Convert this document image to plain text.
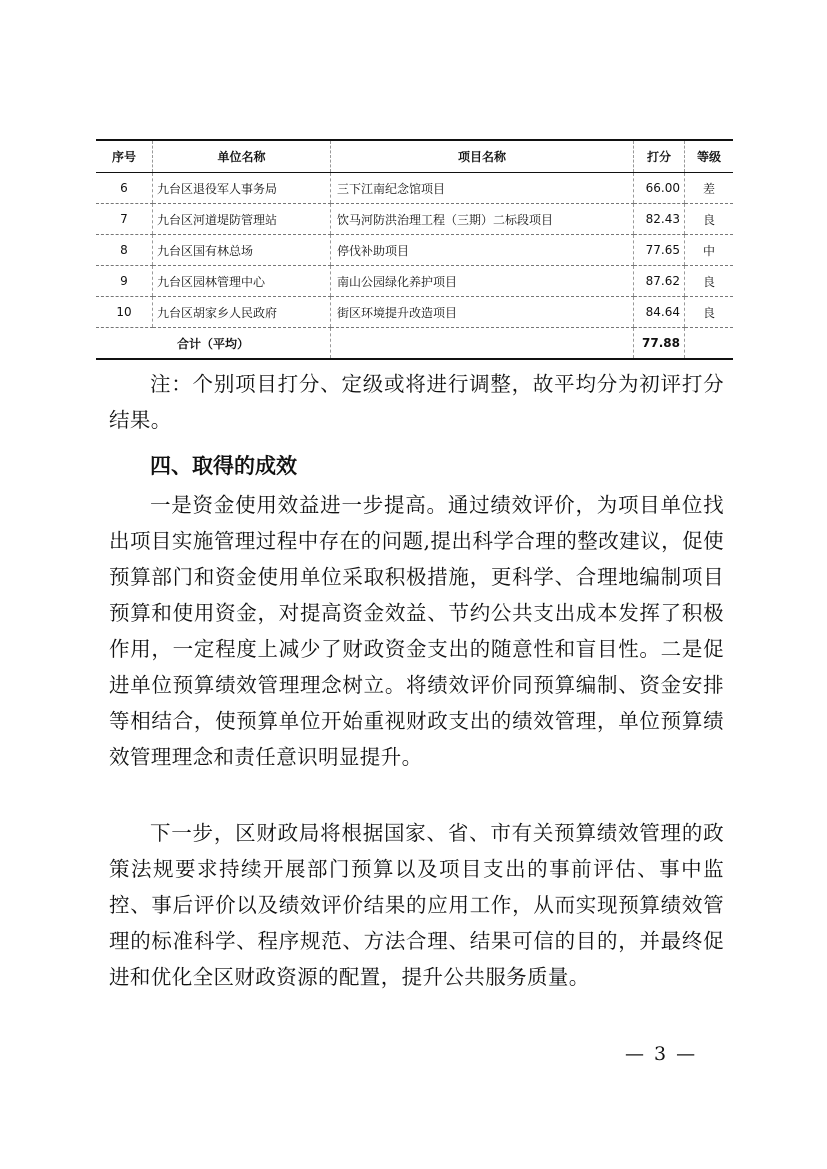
序号	单位名称	项目名称	打分	等级
6	九台区退役军人事务局	三下江南纪念馆项目	66.00	差
7	九台区河道堤防管理站	饮马河防洪治理工程（三期）二标段项目	82.43	良
8	九台区国有林总场	停伐补助项目	77.65	中
9	九台区园林管理中心	南山公园绿化养护项目	87.62	良
10	九台区胡家乡人民政府	街区环境提升改造项目	84.64	良
合计（平均）			77.88	

注：个别项目打分、定级或将进行调整，故平均分为初评打分结果。

四、取得的成效

一是资金使用效益进一步提高。通过绩效评价，为项目单位找出项目实施管理过程中存在的问题,提出科学合理的整改建议，促使预算部门和资金使用单位采取积极措施，更科学、合理地编制项目预算和使用资金，对提高资金效益、节约公共支出成本发挥了积极作用，一定程度上减少了财政资金支出的随意性和盲目性。二是促进单位预算绩效管理理念树立。将绩效评价同预算编制、资金安排等相结合，使预算单位开始重视财政支出的绩效管理，单位预算绩效管理理念和责任意识明显提升。

下一步，区财政局将根据国家、省、市有关预算绩效管理的政策法规要求持续开展部门预算以及项目支出的事前评估、事中监控、事后评价以及绩效评价结果的应用工作，从而实现预算绩效管理的标准科学、程序规范、方法合理、结果可信的目的，并最终促进和优化全区财政资源的配置，提升公共服务质量。

— 3 —
